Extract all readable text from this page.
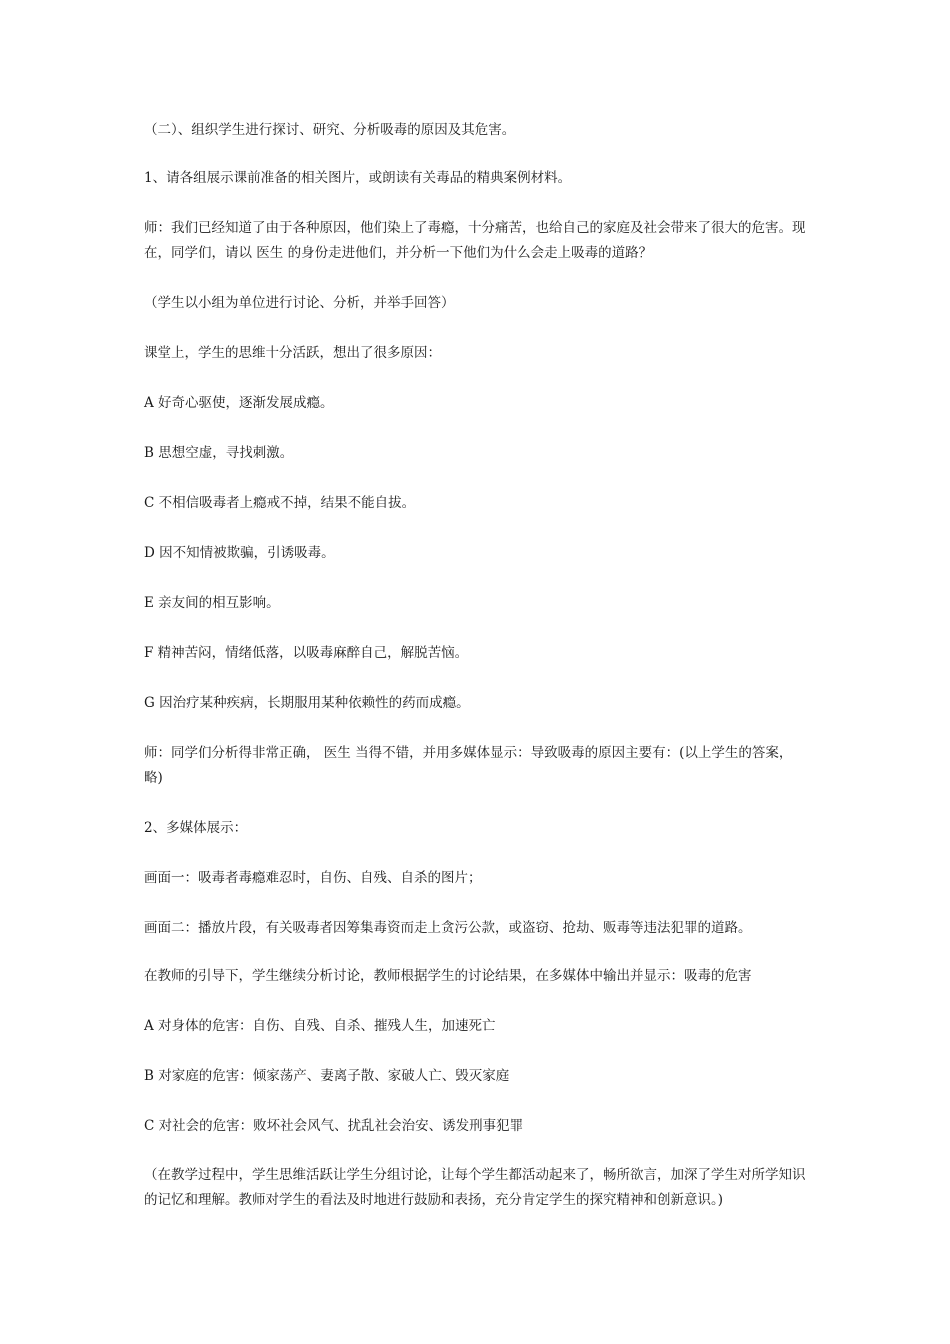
（二）、组织学生进行探讨、研究、分析吸毒的原因及其危害。

1、请各组展示课前准备的相关图片，或朗读有关毒品的精典案例材料。

师：我们已经知道了由于各种原因，他们染上了毒瘾，十分痛苦，也给自己的家庭及社会带来了很大的危害。现在，同学们，请以 医生 的身份走进他们，并分析一下他们为什么会走上吸毒的道路？

（学生以小组为单位进行讨论、分析，并举手回答）

课堂上，学生的思维十分活跃，想出了很多原因：

A 好奇心驱使，逐渐发展成瘾。

B 思想空虚，寻找刺激。

C 不相信吸毒者上瘾戒不掉，结果不能自拔。

D 因不知情被欺骗，引诱吸毒。

E 亲友间的相互影响。

F 精神苦闷，情绪低落，以吸毒麻醉自己，解脱苦恼。

G 因治疗某种疾病，长期服用某种依赖性的药而成瘾。

师：同学们分析得非常正确， 医生 当得不错，并用多媒体显示：导致吸毒的原因主要有：(以上学生的答案，略)

2、多媒体展示：

画面一：吸毒者毒瘾难忍时，自伤、自残、自杀的图片；

画面二：播放片段，有关吸毒者因筹集毒资而走上贪污公款，或盗窃、抢劫、贩毒等违法犯罪的道路。

在教师的引导下，学生继续分析讨论，教师根据学生的讨论结果，在多媒体中输出并显示：吸毒的危害

A 对身体的危害：自伤、自残、自杀、摧残人生，加速死亡

B 对家庭的危害：倾家荡产、妻离子散、家破人亡、毁灭家庭

C 对社会的危害：败坏社会风气、扰乱社会治安、诱发刑事犯罪

（在教学过程中，学生思维活跃让学生分组讨论，让每个学生都活动起来了，畅所欲言，加深了学生对所学知识的记忆和理解。教师对学生的看法及时地进行鼓励和表扬，充分肯定学生的探究精神和创新意识。)
